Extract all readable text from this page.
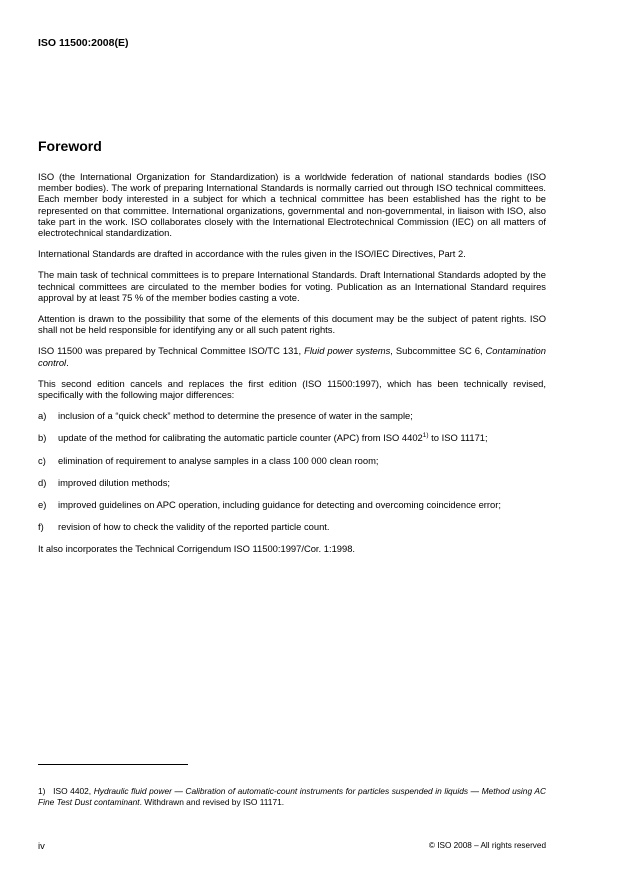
ISO 11500:2008(E)
Foreword

ISO (the International Organization for Standardization) is a worldwide federation of national standards bodies (ISO member bodies). The work of preparing International Standards is normally carried out through ISO technical committees. Each member body interested in a subject for which a technical committee has been established has the right to be represented on that committee. International organizations, governmental and non-governmental, in liaison with ISO, also take part in the work. ISO collaborates closely with the International Electrotechnical Commission (IEC) on all matters of electrotechnical standardization.

International Standards are drafted in accordance with the rules given in the ISO/IEC Directives, Part 2.

The main task of technical committees is to prepare International Standards. Draft International Standards adopted by the technical committees are circulated to the member bodies for voting. Publication as an International Standard requires approval by at least 75 % of the member bodies casting a vote.

Attention is drawn to the possibility that some of the elements of this document may be the subject of patent rights. ISO shall not be held responsible for identifying any or all such patent rights.

ISO 11500 was prepared by Technical Committee ISO/TC 131, Fluid power systems, Subcommittee SC 6, Contamination control.

This second edition cancels and replaces the first edition (ISO 11500:1997), which has been technically revised, specifically with the following major differences:

a)	inclusion of a “quick check” method to determine the presence of water in the sample;
b)	update of the method for calibrating the automatic particle counter (APC) from ISO 4402$^{1)}$ to ISO 11171;
c)	elimination of requirement to analyse samples in a class 100 000 clean room;
d)	improved dilution methods;
e)	improved guidelines on APC operation, including guidance for detecting and overcoming coincidence error;
f)	revision of how to check the validity of the reported particle count.

It also incorporates the Technical Corrigendum ISO 11500:1997/Cor. 1:1998.

1) ISO 4402, Hydraulic fluid power — Calibration of automatic-count instruments for particles suspended in liquids — Method using AC Fine Test Dust contaminant. Withdrawn and revised by ISO 11171.
iv	© ISO 2008 – All rights reserved
